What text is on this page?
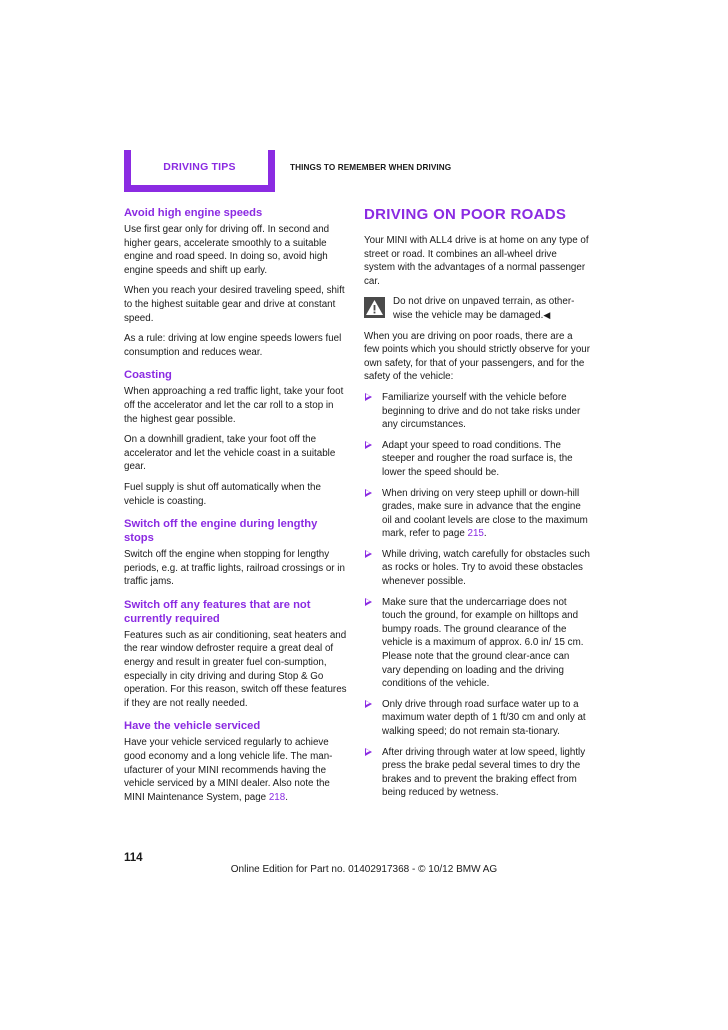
DRIVING TIPS	THINGS TO REMEMBER WHEN DRIVING
Avoid high engine speeds

Use first gear only for driving off. In second and higher gears, accelerate smoothly to a suitable engine and road speed. In doing so, avoid high engine speeds and shift up early.

When you reach your desired traveling speed, shift to the highest suitable gear and drive at constant speed.

As a rule: driving at low engine speeds lowers fuel consumption and reduces wear.

Coasting

When approaching a red traffic light, take your foot off the accelerator and let the car roll to a stop in the highest gear possible.

On a downhill gradient, take your foot off the accelerator and let the vehicle coast in a suitable gear.

Fuel supply is shut off automatically when the vehicle is coasting.

Switch off the engine during lengthy stops

Switch off the engine when stopping for lengthy periods, e.g. at traffic lights, railroad crossings or in traffic jams.

Switch off any features that are not currently required

Features such as air conditioning, seat heaters and the rear window defroster require a great deal of energy and result in greater fuel con-sumption, especially in city driving and during Stop & Go operation. For this reason, switch off these features if they are not really needed.

Have the vehicle serviced

Have your vehicle serviced regularly to achieve good economy and a long vehicle life. The man-ufacturer of your MINI recommends having the vehicle serviced by a MINI dealer. Also note the MINI Maintenance System, page 218.

DRIVING ON POOR ROADS

Your MINI with ALL4 drive is at home on any type of street or road. It combines an all-wheel drive system with the advantages of a normal passenger car.

Do not drive on unpaved terrain, as other-wise the vehicle may be damaged.◀

When you are driving on poor roads, there are a few points which you should strictly observe for your own safety, for that of your passengers, and for the safety of the vehicle:

Familiarize yourself with the vehicle before beginning to drive and do not take risks under any circumstances.

Adapt your speed to road conditions. The steeper and rougher the road surface is, the lower the speed should be.

When driving on very steep uphill or down-hill grades, make sure in advance that the engine oil and coolant levels are close to the maximum mark, refer to page 215.

While driving, watch carefully for obstacles such as rocks or holes. Try to avoid these obstacles whenever possible.

Make sure that the undercarriage does not touch the ground, for example on hilltops and bumpy roads. The ground clearance of the vehicle is a maximum of approx. 6.0 in/ 15 cm. Please note that the ground clear-ance can vary depending on loading and the driving conditions of the vehicle.

Only drive through road surface water up to a maximum water depth of 1 ft/30 cm and only at walking speed; do not remain sta-tionary.

After driving through water at low speed, lightly press the brake pedal several times to dry the brakes and to prevent the braking effect from being reduced by wetness.

114
Online Edition for Part no. 01402917368 - © 10/12 BMW AG
